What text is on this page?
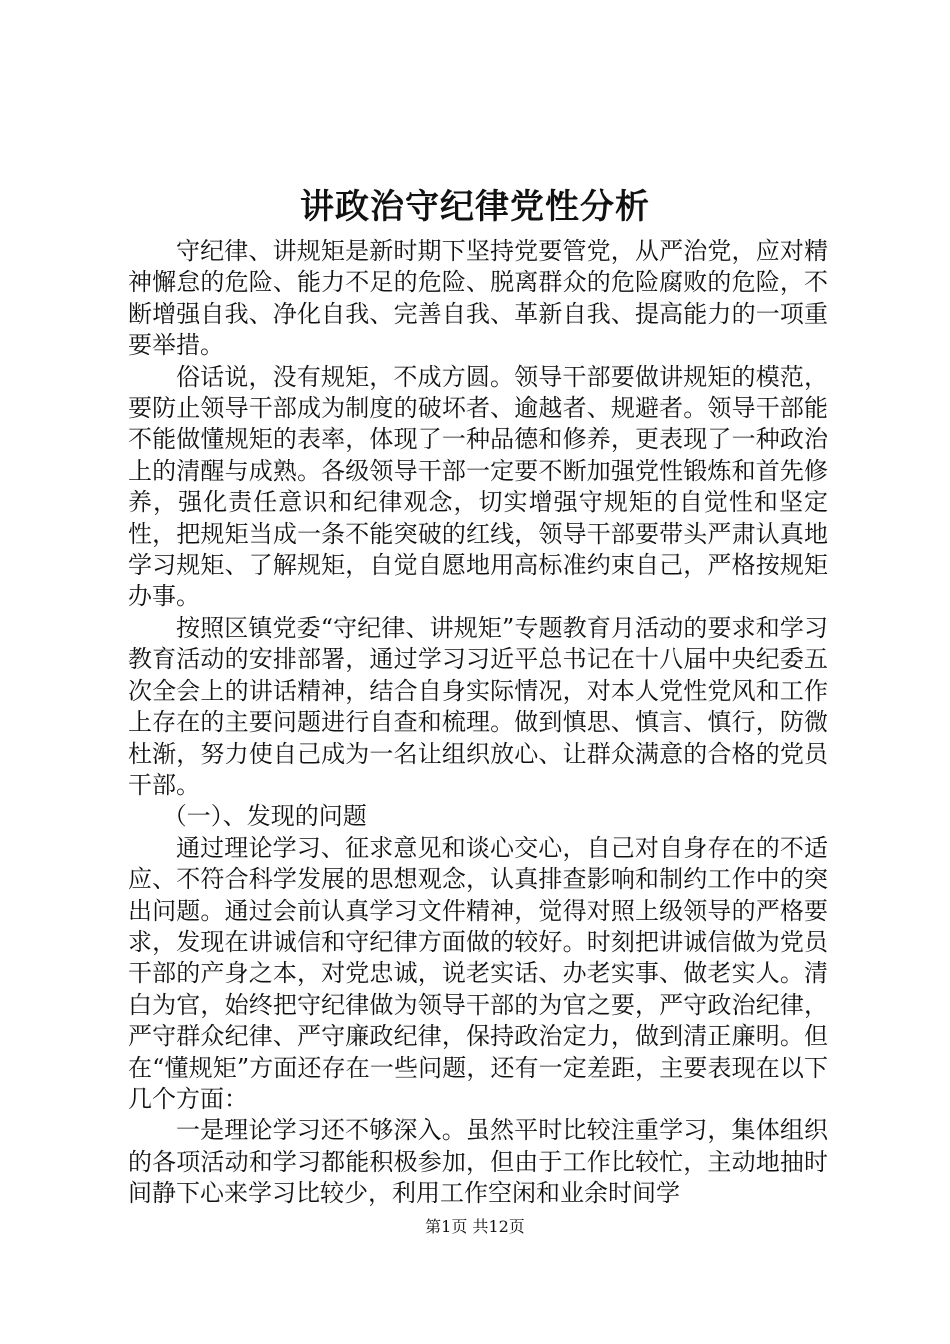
讲政治守纪律党性分析

守纪律、讲规矩是新时期下坚持党要管党，从严治党，应对精神懈怠的危险、能力不足的危险、脱离群众的危险腐败的危险，不断增强自我、净化自我、完善自我、革新自我、提高能力的一项重要举措。

俗话说，没有规矩，不成方圆。领导干部要做讲规矩的模范，要防止领导干部成为制度的破坏者、逾越者、规避者。领导干部能不能做懂规矩的表率，体现了一种品德和修养，更表现了一种政治上的清醒与成熟。各级领导干部一定要不断加强党性锻炼和首先修养，强化责任意识和纪律观念，切实增强守规矩的自觉性和坚定性，把规矩当成一条不能突破的红线，领导干部要带头严肃认真地学习规矩、了解规矩，自觉自愿地用高标准约束自己，严格按规矩办事。

按照区镇党委“守纪律、讲规矩”专题教育月活动的要求和学习教育活动的安排部署，通过学习习近平总书记在十八届中央纪委五次全会上的讲话精神，结合自身实际情况，对本人党性党风和工作上存在的主要问题进行自查和梳理。做到慎思、慎言、慎行，防微杜渐，努力使自己成为一名让组织放心、让群众满意的合格的党员干部。

（一）、发现的问题

通过理论学习、征求意见和谈心交心，自己对自身存在的不适应、不符合科学发展的思想观念，认真排查影响和制约工作中的突出问题。通过会前认真学习文件精神，觉得对照上级领导的严格要求，发现在讲诚信和守纪律方面做的较好。时刻把讲诚信做为党员干部的产身之本，对党忠诚，说老实话、办老实事、做老实人。清白为官，始终把守纪律做为领导干部的为官之要，严守政治纪律，严守群众纪律、严守廉政纪律，保持政治定力，做到清正廉明。但在“懂规矩”方面还存在一些问题，还有一定差距，主要表现在以下几个方面：

一是理论学习还不够深入。虽然平时比较注重学习，集体组织的各项活动和学习都能积极参加，但由于工作比较忙，主动地抽时间静下心来学习比较少，利用工作空闲和业余时间学

第1页 共12页
